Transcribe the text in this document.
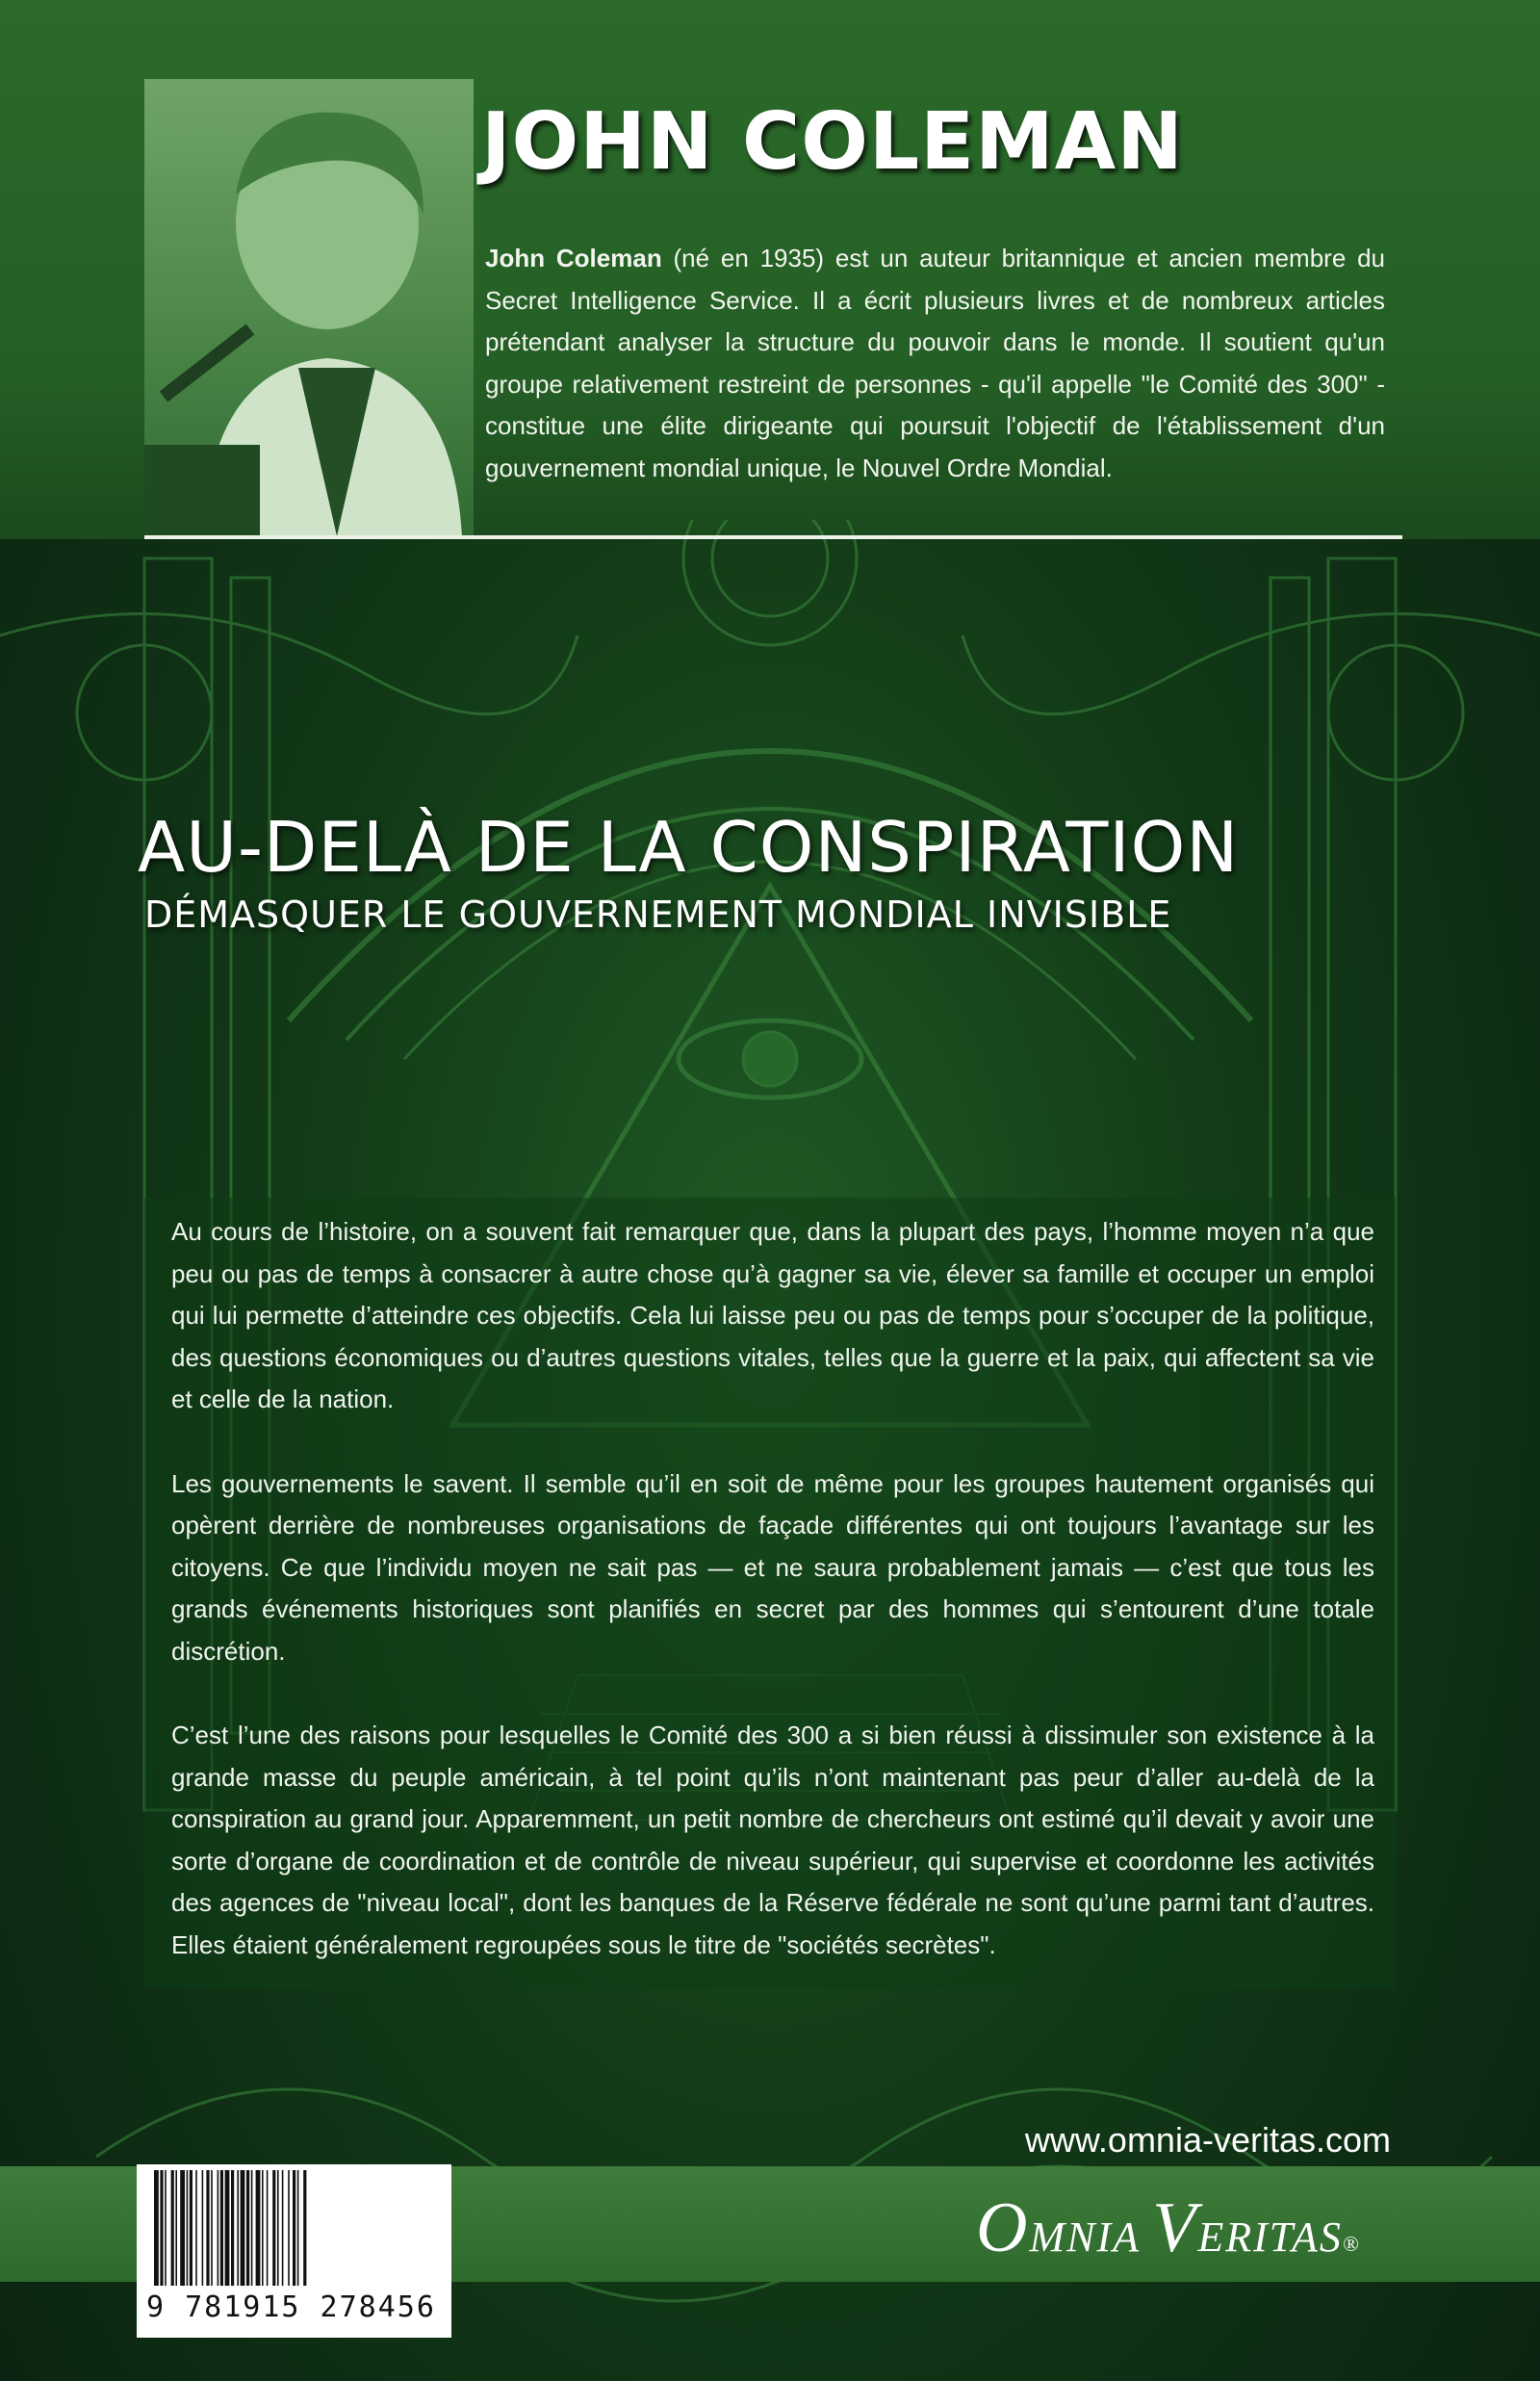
JOHN COLEMAN

John Coleman (né en 1935) est un auteur britannique et ancien membre du Secret Intelligence Service. Il a écrit plusieurs livres et de nombreux articles prétendant analyser la structure du pouvoir dans le monde. Il soutient qu'un groupe relativement restreint de personnes - qu'il appelle "le Comité des 300" - constitue une élite dirigeante qui poursuit l'objectif de l'établissement d'un gouvernement mondial unique, le Nouvel Ordre Mondial.

AU-DELÀ DE LA CONSPIRATION
DÉMASQUER LE GOUVERNEMENT MONDIAL INVISIBLE

Au cours de l’histoire, on a souvent fait remarquer que, dans la plupart des pays, l’homme moyen n’a que peu ou pas de temps à consacrer à autre chose qu’à gagner sa vie, élever sa famille et occuper un emploi qui lui permette d’atteindre ces objectifs. Cela lui laisse peu ou pas de temps pour s’occuper de la politique, des questions économiques ou d’autres questions vitales, telles que la guerre et la paix, qui affectent sa vie et celle de la nation.

Les gouvernements le savent. Il semble qu’il en soit de même pour les groupes hautement organisés qui opèrent derrière de nombreuses organisations de façade différentes qui ont toujours l’avantage sur les citoyens. Ce que l’individu moyen ne sait pas — et ne saura probablement jamais — c’est que tous les grands événements historiques sont planifiés en secret par des hommes qui s’entourent d’une totale discrétion.

C’est l’une des raisons pour lesquelles le Comité des 300 a si bien réussi à dissimuler son existence à la grande masse du peuple américain, à tel point qu’ils n’ont maintenant pas peur d’aller au-delà de la conspiration au grand jour. Apparemment, un petit nombre de chercheurs ont estimé qu’il devait y avoir une sorte d’organe de coordination et de contrôle de niveau supérieur, qui supervise et coordonne les activités des agences de "niveau local", dont les banques de la Réserve fédérale ne sont qu’une parmi tant d’autres. Elles étaient généralement regroupées sous le titre de "sociétés secrètes".

www.omnia-veritas.com
9 781915 278456
OMNIA VERITAS®
